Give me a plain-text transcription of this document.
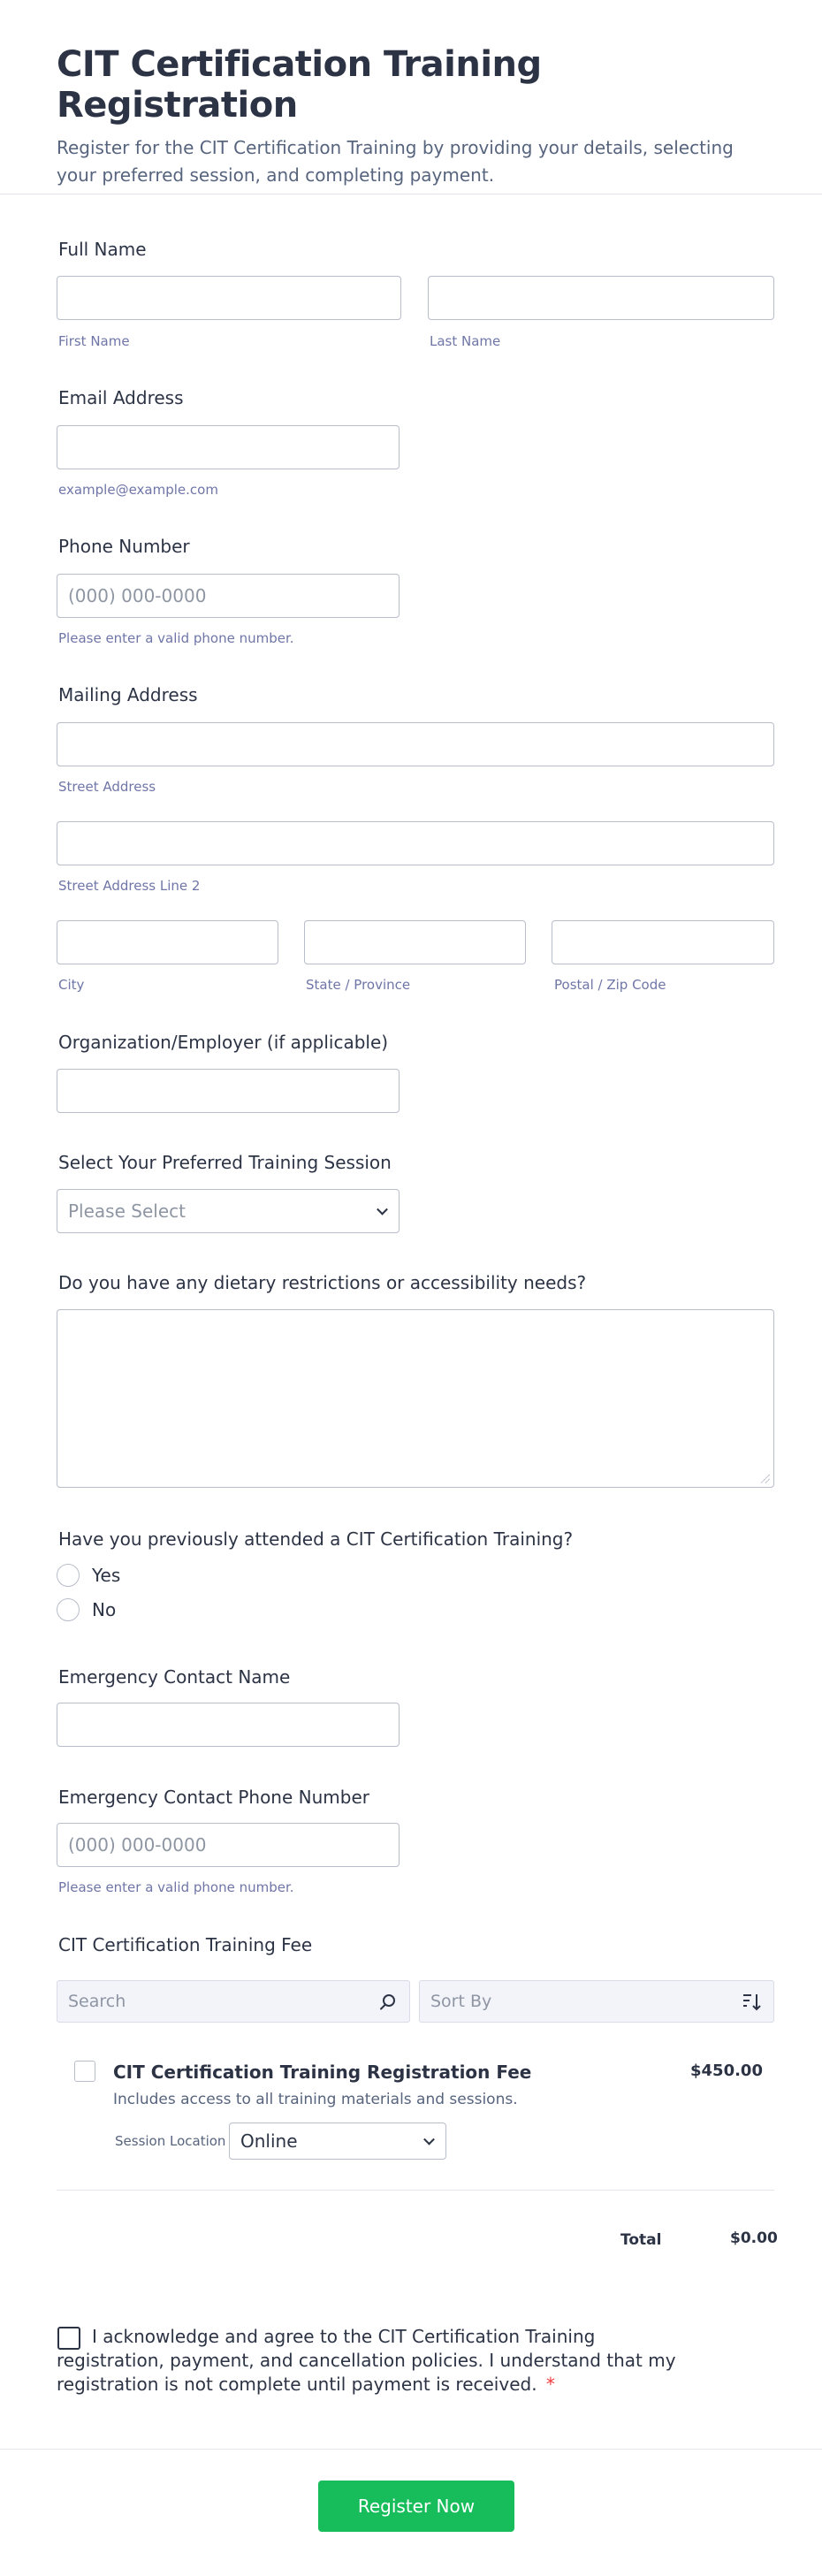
CIT Certification Training Registration

Register for the CIT Certification Training by providing your details, selecting your preferred session, and completing payment.

Full Name
First Name	Last Name
Email Address
example@example.com
Phone Number
(000) 000-0000
Please enter a valid phone number.
Mailing Address
Street Address
Street Address Line 2
City	State / Province	Postal / Zip Code
Organization/Employer (if applicable)
Select Your Preferred Training Session
Please Select
Do you have any dietary restrictions or accessibility needs?
Have you previously attended a CIT Certification Training?
Yes
No
Emergency Contact Name
Emergency Contact Phone Number
(000) 000-0000
Please enter a valid phone number.
CIT Certification Training Fee
Search	Sort By
CIT Certification Training Registration Fee	$450.00
Includes access to all training materials and sessions.
Session Location Online
Total	$0.00
I acknowledge and agree to the CIT Certification Training registration, payment, and cancellation policies. I understand that my registration is not complete until payment is received. *
Register Now
